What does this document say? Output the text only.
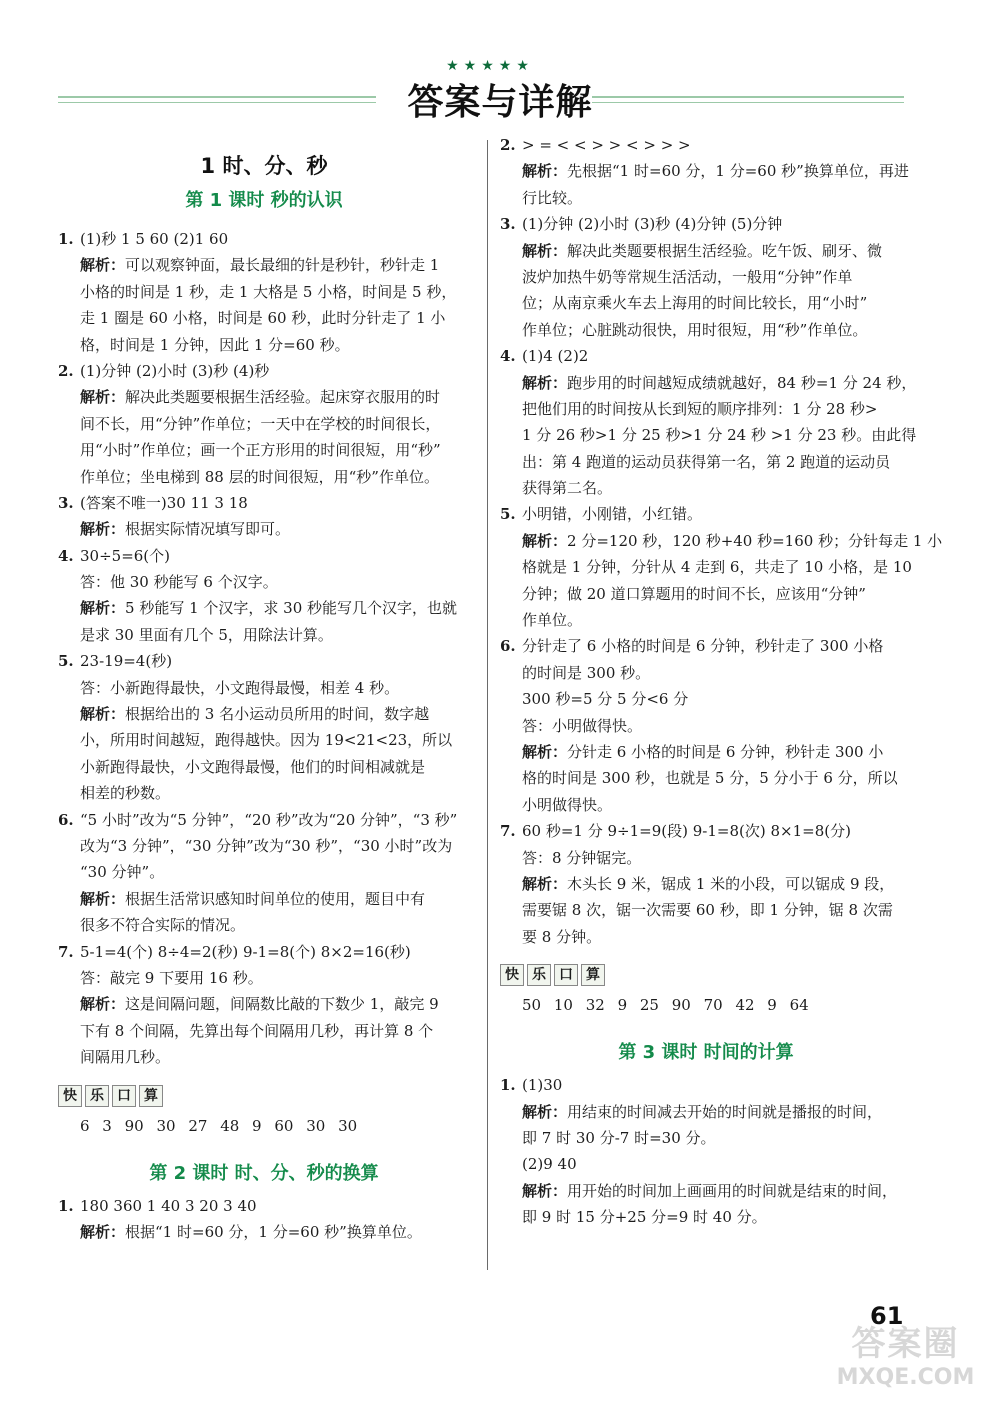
★★★★★
答案与详解
1 时、分、秒
第 1 课时 秒的认识
1. (1)秒 1 5 60 (2)1 60
解析：可以观察钟面，最长最细的针是秒针，秒针走 1
小格的时间是 1 秒，走 1 大格是 5 小格，时间是 5 秒，
走 1 圈是 60 小格，时间是 60 秒，此时分针走了 1 小
格，时间是 1 分钟，因此 1 分=60 秒。
2. (1)分钟 (2)小时 (3)秒 (4)秒
解析：解决此类题要根据生活经验。起床穿衣服用的时
间不长，用“分钟”作单位；一天中在学校的时间很长，
用“小时”作单位；画一个正方形用的时间很短，用“秒”
作单位；坐电梯到 88 层的时间很短，用“秒”作单位。
3. (答案不唯一)30 11 3 18
解析：根据实际情况填写即可。
4. 30÷5=6(个)
答：他 30 秒能写 6 个汉字。
解析：5 秒能写 1 个汉字，求 30 秒能写几个汉字，也就
是求 30 里面有几个 5，用除法计算。
5. 23-19=4(秒)
答：小新跑得最快，小文跑得最慢，相差 4 秒。
解析：根据给出的 3 名小运动员所用的时间，数字越
小，所用时间越短，跑得越快。因为 19<21<23，所以
小新跑得最快，小文跑得最慢，他们的时间相减就是
相差的秒数。
6. “5 小时”改为“5 分钟”，“20 秒”改为“20 分钟”，“3 秒”
改为“3 分钟”，“30 分钟”改为“30 秒”，“30 小时”改为
“30 分钟”。
解析：根据生活常识感知时间单位的使用，题目中有
很多不符合实际的情况。
7. 5-1=4(个) 8÷4=2(秒) 9-1=8(个) 8×2=16(秒)
答：敲完 9 下要用 16 秒。
解析：这是间隔问题，间隔数比敲的下数少 1，敲完 9
下有 8 个间隔，先算出每个间隔用几秒，再计算 8 个
间隔用几秒。
快 乐 口 算
6 3 90 30 27 48 9 60 30 30
第 2 课时 时、分、秒的换算
1. 180 360 1 40 3 20 3 40
解析：根据“1 时=60 分，1 分=60 秒”换算单位。
2. > = < < > > < > > >
解析：先根据“1 时=60 分，1 分=60 秒”换算单位，再进
行比较。
3. (1)分钟 (2)小时 (3)秒 (4)分钟 (5)分钟
解析：解决此类题要根据生活经验。吃午饭、刷牙、微
波炉加热牛奶等常规生活活动，一般用“分钟”作单
位；从南京乘火车去上海用的时间比较长，用“小时”
作单位；心脏跳动很快，用时很短，用“秒”作单位。
4. (1)4 (2)2
解析：跑步用的时间越短成绩就越好，84 秒=1 分 24 秒，
把他们用的时间按从长到短的顺序排列：1 分 28 秒>
1 分 26 秒>1 分 25 秒>1 分 24 秒 >1 分 23 秒。由此得
出：第 4 跑道的运动员获得第一名，第 2 跑道的运动员
获得第二名。
5. 小明错，小刚错，小红错。
解析：2 分=120 秒，120 秒+40 秒=160 秒；分针每走 1 小
格就是 1 分钟，分针从 4 走到 6，共走了 10 小格，是 10
分钟；做 20 道口算题用的时间不长，应该用“分钟”
作单位。
6. 分针走了 6 小格的时间是 6 分钟，秒针走了 300 小格
的时间是 300 秒。
300 秒=5 分 5 分<6 分
答：小明做得快。
解析：分针走 6 小格的时间是 6 分钟，秒针走 300 小
格的时间是 300 秒，也就是 5 分，5 分小于 6 分，所以
小明做得快。
7. 60 秒=1 分 9÷1=9(段) 9-1=8(次) 8×1=8(分)
答：8 分钟锯完。
解析：木头长 9 米，锯成 1 米的小段，可以锯成 9 段，
需要锯 8 次，锯一次需要 60 秒，即 1 分钟，锯 8 次需
要 8 分钟。
快 乐 口 算
50 10 32 9 25 90 70 42 9 64
第 3 课时 时间的计算
1. (1)30
解析：用结束的时间减去开始的时间就是播报的时间，
即 7 时 30 分-7 时=30 分。
(2)9 40
解析：用开始的时间加上画画用的时间就是结束的时间，
即 9 时 15 分+25 分=9 时 40 分。
61
答案圈
MXQE.COM
